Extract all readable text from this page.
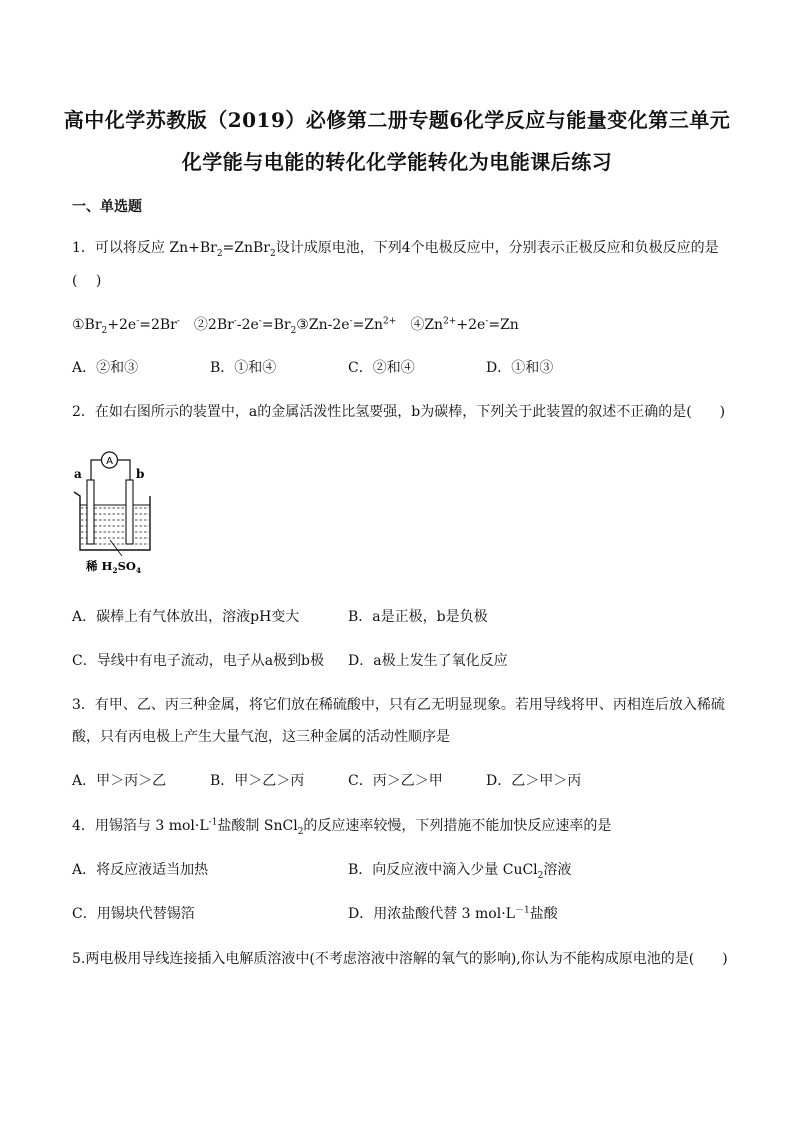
高中化学苏教版（2019）必修第二册专题6化学反应与能量变化第三单元
化学能与电能的转化化学能转化为电能课后练习
一、单选题
1．可以将反应 $Zn+Br_2=ZnBr_2$设计成原电池，下列4个电极反应中，分别表示正极反应和负极反应的是
(　 )
$①Br_2+2e^-=2Br^-$　$②2Br^--2e^-=Br_2③Zn-2e^-=Zn^{2+}$　$④Zn^{2+}+2e^-=Zn$
A．②和③	B．①和④	C．②和④	D．①和③
2．在如右图所示的装置中，a的金属活泼性比氢要强，b为碳棒，下列关于此装置的叙述不正确的是(　　)
A
a	b
稀 $H_2SO_4$
A．碳棒上有气体放出，溶液pH变大	B．a是正极，b是负极
C．导线中有电子流动，电子从a极到b极 D．a极上发生了氧化反应
3．有甲、乙、丙三种金属，将它们放在稀硫酸中，只有乙无明显现象。若用导线将甲、丙相连后放入稀硫
酸，只有丙电极上产生大量气泡，这三种金属的活动性顺序是
A．甲＞丙＞乙	B．甲＞乙＞丙	C．丙＞乙＞甲	D．乙＞甲＞丙
4．用锡箔与 3 $mol\cdot L^{-1}$盐酸制 SnCl$_2$的反应速率较慢，下列措施不能加快反应速率的是
A．将反应液适当加热	B．向反应液中滴入少量 CuCl$_2$溶液
C．用锡块代替锡箔	D．用浓盐酸代替 3 $mol\cdot L^{-1}$盐酸
5.两电极用导线连接插入电解质溶液中(不考虑溶液中溶解的氧气的影响),你认为不能构成原电池的是(　　)
